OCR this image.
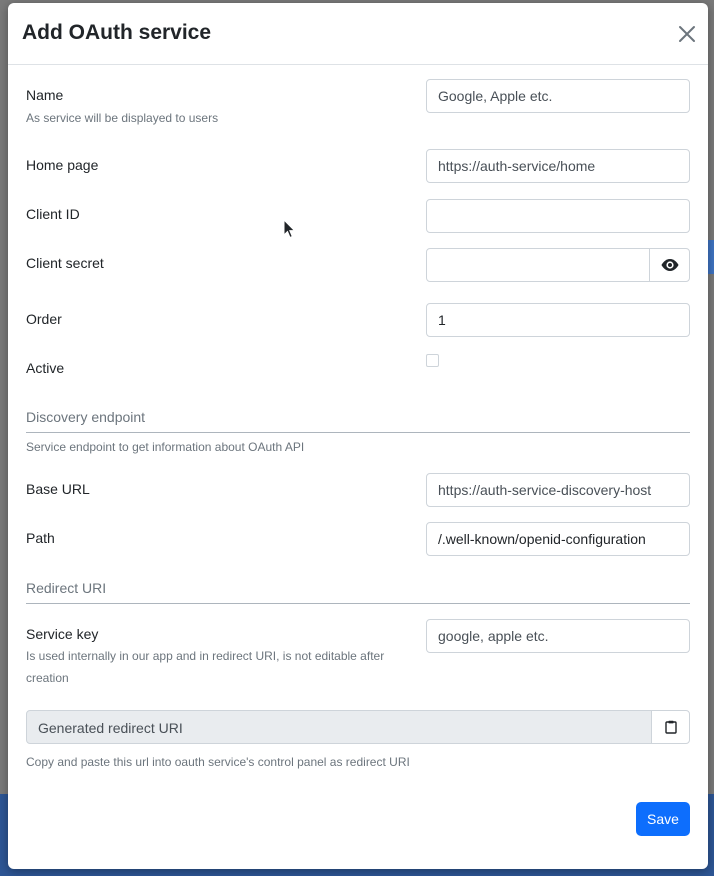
Add OAuth service
Name
As service will be displayed to users
Google, Apple etc.
Home page
https://auth-service/home
Client ID
Client secret
Order
1
Active
Discovery endpoint
Service endpoint to get information about OAuth API
Base URL
https://auth-service-discovery-host
Path
/.well-known/openid-configuration
Redirect URI
Service key
Is used internally in our app and in redirect URI, is not editable after creation
google, apple etc.
Generated redirect URI
Copy and paste this url into oauth service's control panel as redirect URI
Save
